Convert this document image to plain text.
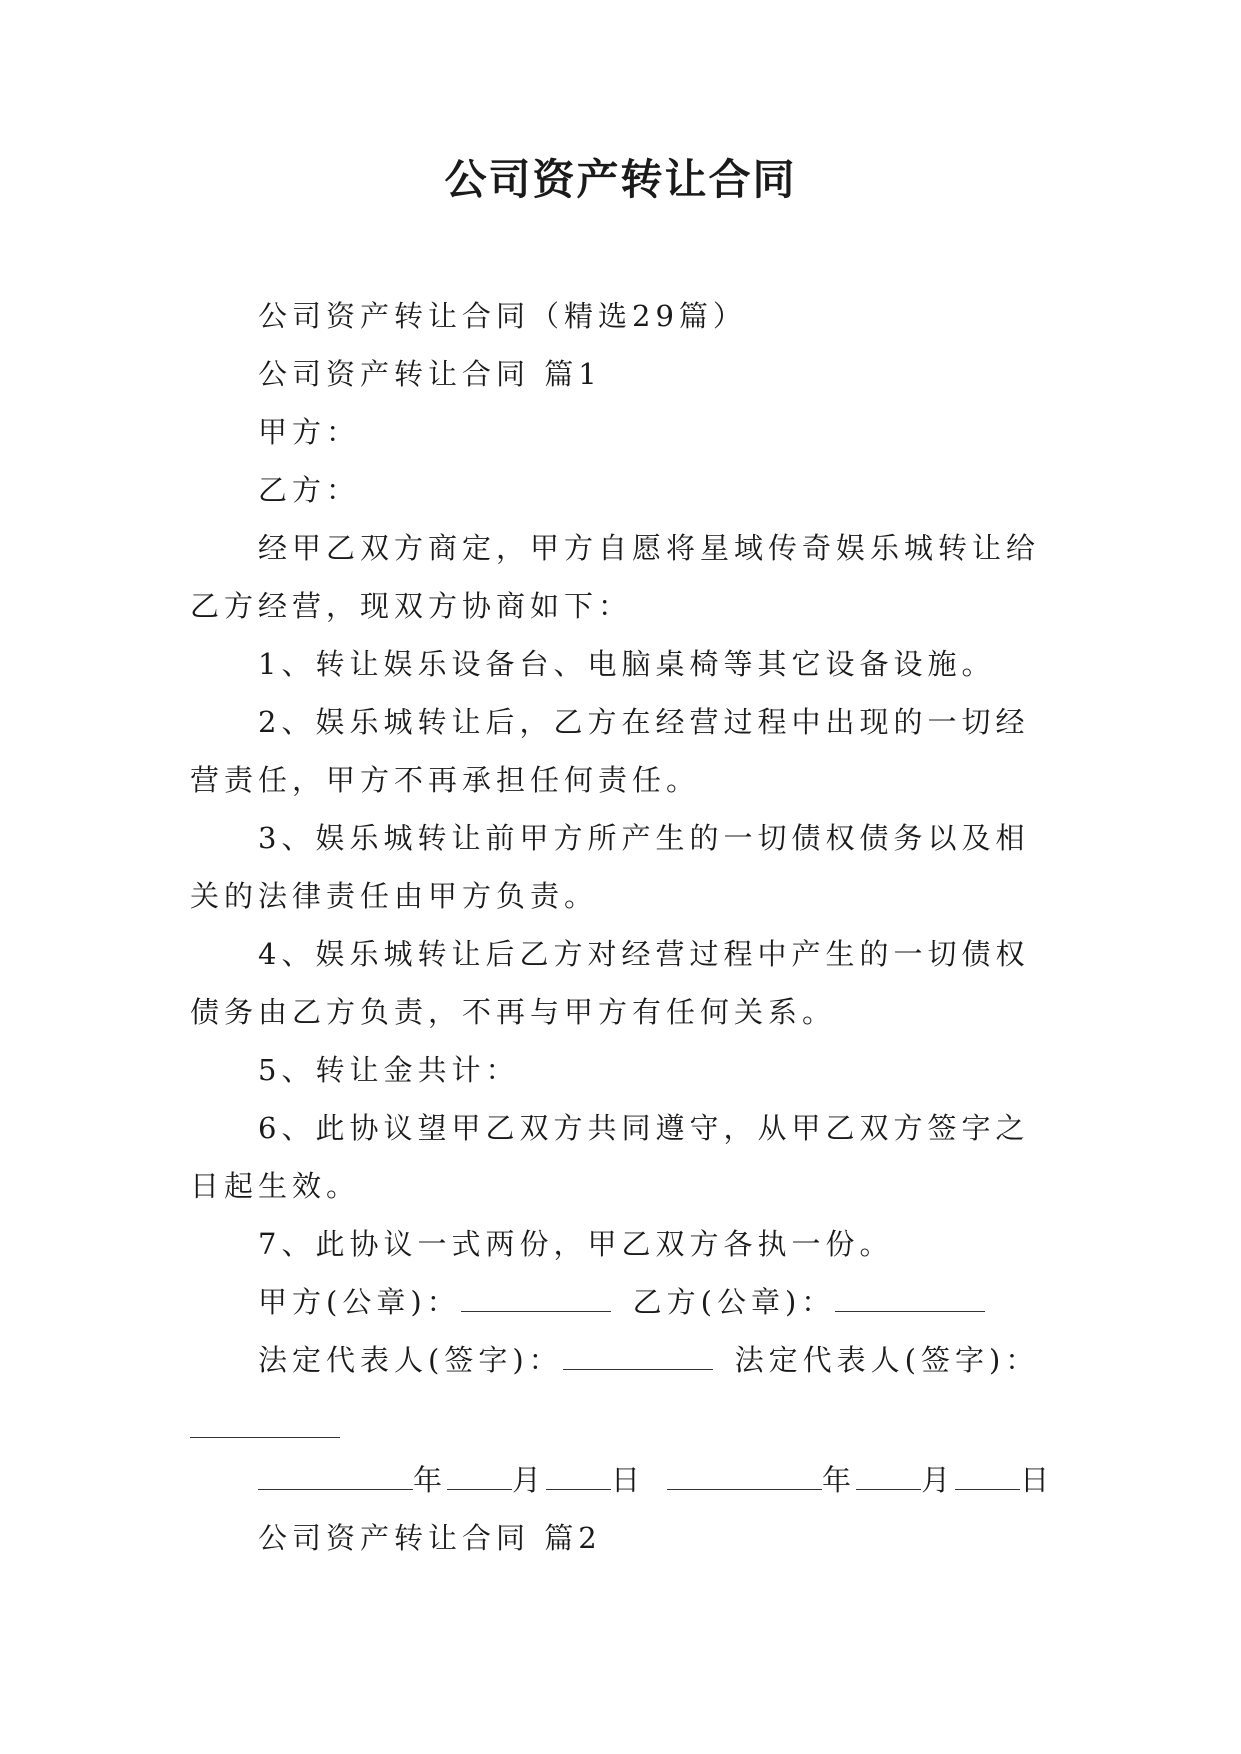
公司资产转让合同

公司资产转让合同（精选29篇）

公司资产转让合同 篇1

甲方：

乙方：

经甲乙双方商定，甲方自愿将星域传奇娱乐城转让给乙方经营，现双方协商如下：

1、转让娱乐设备台、电脑桌椅等其它设备设施。

2、娱乐城转让后，乙方在经营过程中出现的一切经营责任，甲方不再承担任何责任。

3、娱乐城转让前甲方所产生的一切债权债务以及相关的法律责任由甲方负责。

4、娱乐城转让后乙方对经营过程中产生的一切债权债务由乙方负责，不再与甲方有任何关系。

5、转让金共计：

6、此协议望甲乙双方共同遵守，从甲乙双方签字之日起生效。

7、此协议一式两份，甲乙双方各执一份。

甲方(公章)：	乙方(公章)：

法定代表人(签字)：	法定代表人(签字)：

年 月 日	年 月 日

公司资产转让合同 篇2
